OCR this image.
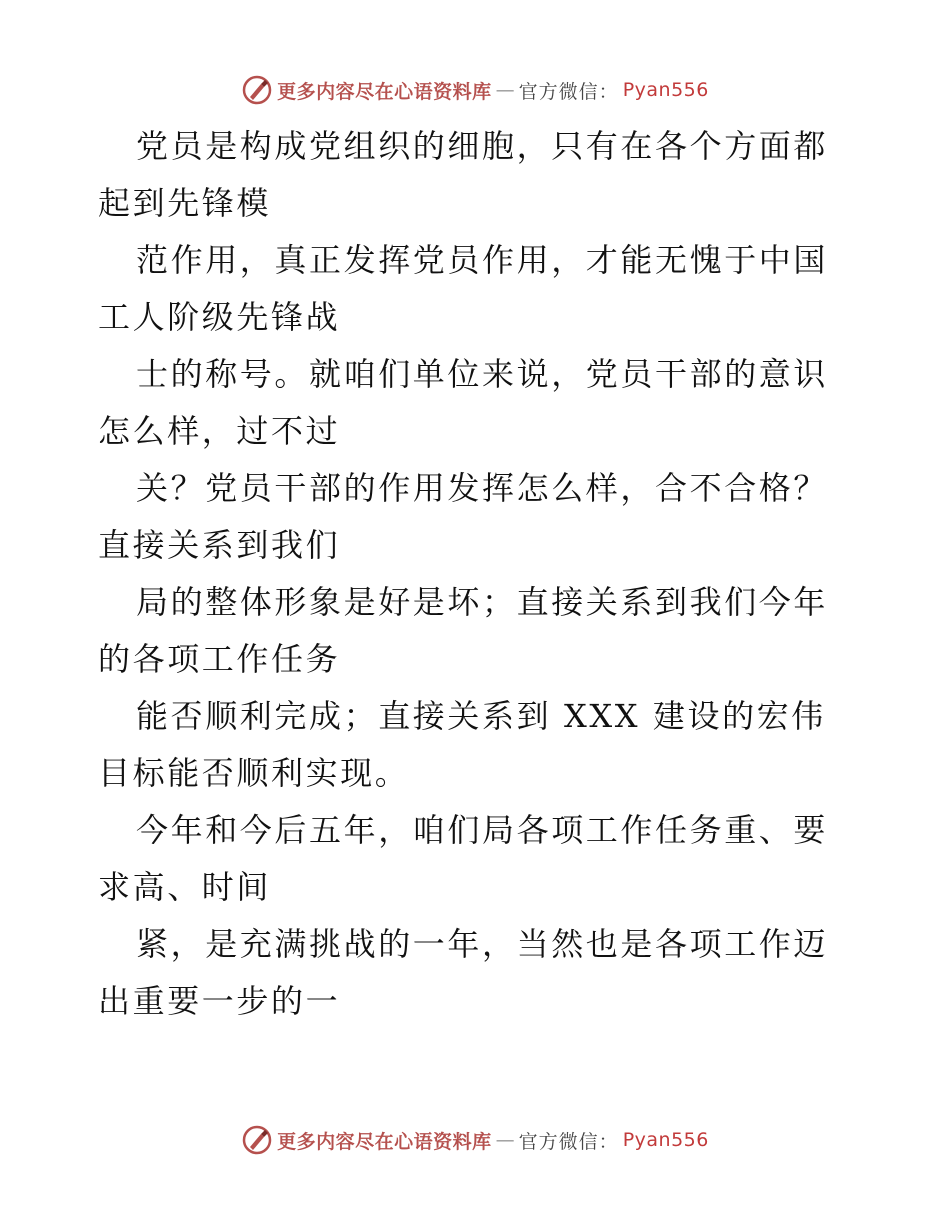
更多内容尽在心语资料库 — 官方微信： Pyan556

党员是构成党组织的细胞，只有在各个方面都起到先锋模

范作用，真正发挥党员作用，才能无愧于中国工人阶级先锋战

士的称号。就咱们单位来说，党员干部的意识怎么样，过不过

关？党员干部的作用发挥怎么样，合不合格？直接关系到我们

局的整体形象是好是坏；直接关系到我们今年的各项工作任务

能否顺利完成；直接关系到 XXX 建设的宏伟目标能否顺利实现。

今年和今后五年，咱们局各项工作任务重、要求高、时间

紧，是充满挑战的一年，当然也是各项工作迈出重要一步的一

更多内容尽在心语资料库 — 官方微信： Pyan556
